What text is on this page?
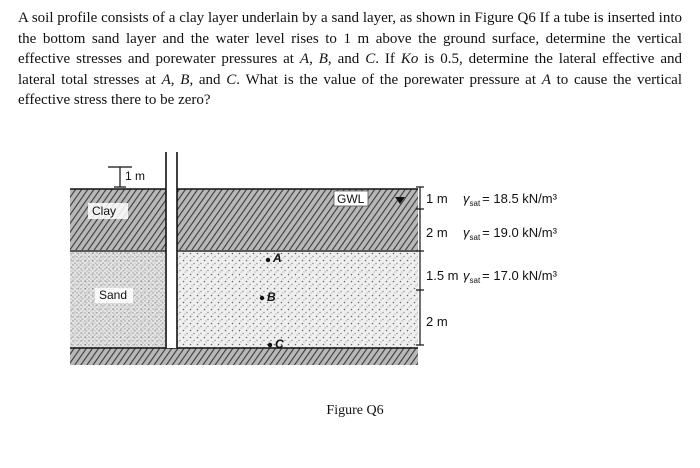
A soil profile consists of a clay layer underlain by a sand layer, as shown in Figure Q6 If a tube is inserted into the bottom sand layer and the water level rises to 1 m above the ground surface, determine the vertical effective stresses and porewater pressures at A, B, and C. If Ko is 0.5, determine the lateral effective and lateral total stresses at A, B, and C. What is the value of the porewater pressure at A to cause the vertical effective stress there to be zero?
GWL
Clay
Sand
1 m
A
B
C
1 m $\gamma_{sat} = 18.5$ kN/m³
2 m $\gamma_{sat} = 19.0$ kN/m³
1.5 m $\gamma_{sat} = 17.0$ kN/m³
2 m
Figure Q6
